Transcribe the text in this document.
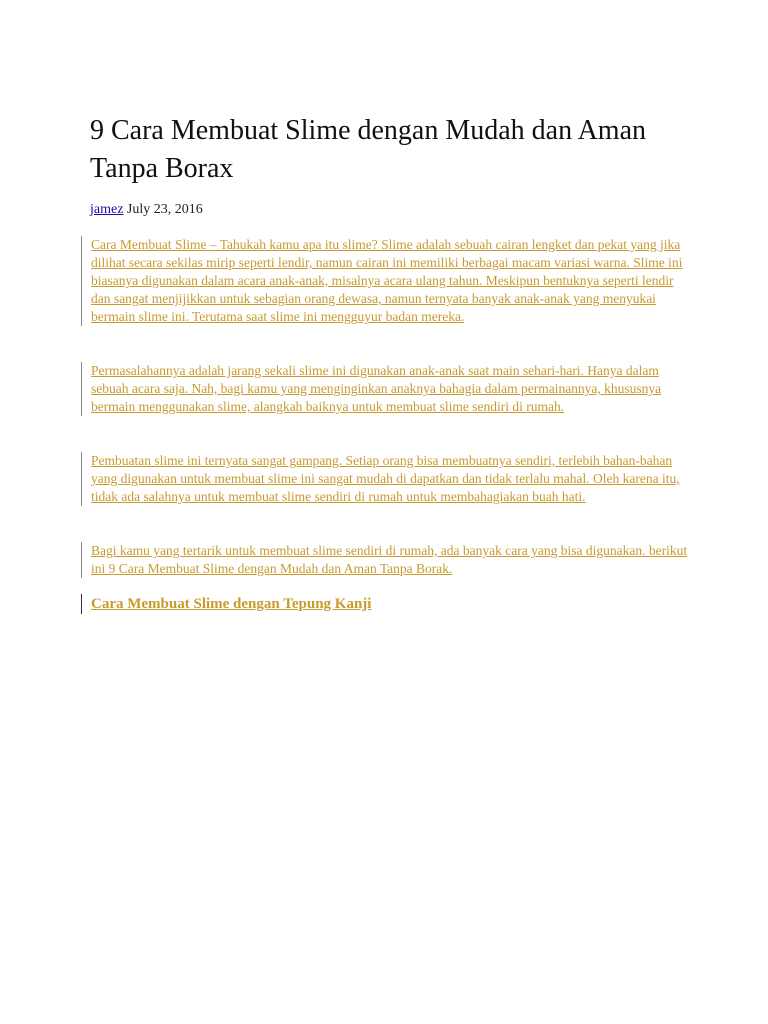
9 Cara Membuat Slime dengan Mudah dan Aman Tanpa Borax
jamez July 23, 2016

Cara Membuat Slime – Tahukah kamu apa itu slime? Slime adalah sebuah cairan lengket dan pekat yang jika dilihat secara sekilas mirip seperti lendir, namun cairan ini memiliki berbagai macam variasi warna. Slime ini biasanya digunakan dalam acara anak-anak, misalnya acara ulang tahun. Meskipun bentuknya seperti lendir dan sangat menjijikkan untuk sebagian orang dewasa, namun ternyata banyak anak-anak yang menyukai bermain slime ini. Terutama saat slime ini mengguyur badan mereka.

Permasalahannya adalah jarang sekali slime ini digunakan anak-anak saat main sehari-hari. Hanya dalam sebuah acara saja. Nah, bagi kamu yang menginginkan anaknya bahagia dalam permainannya, khususnya bermain menggunakan slime, alangkah baiknya untuk membuat slime sendiri di rumah.

Pembuatan slime ini ternyata sangat gampang. Setiap orang bisa membuatnya sendiri, terlebih bahan-bahan yang digunakan untuk membuat slime ini sangat mudah di dapatkan dan tidak terlalu mahal. Oleh karena itu, tidak ada salahnya untuk membuat slime sendiri di rumah untuk membahagiakan buah hati.

Bagi kamu yang tertarik untuk membuat slime sendiri di rumah, ada banyak cara yang bisa digunakan. berikut ini 9 Cara Membuat Slime dengan Mudah dan Aman Tanpa Borak.

Cara Membuat Slime dengan Tepung Kanji
